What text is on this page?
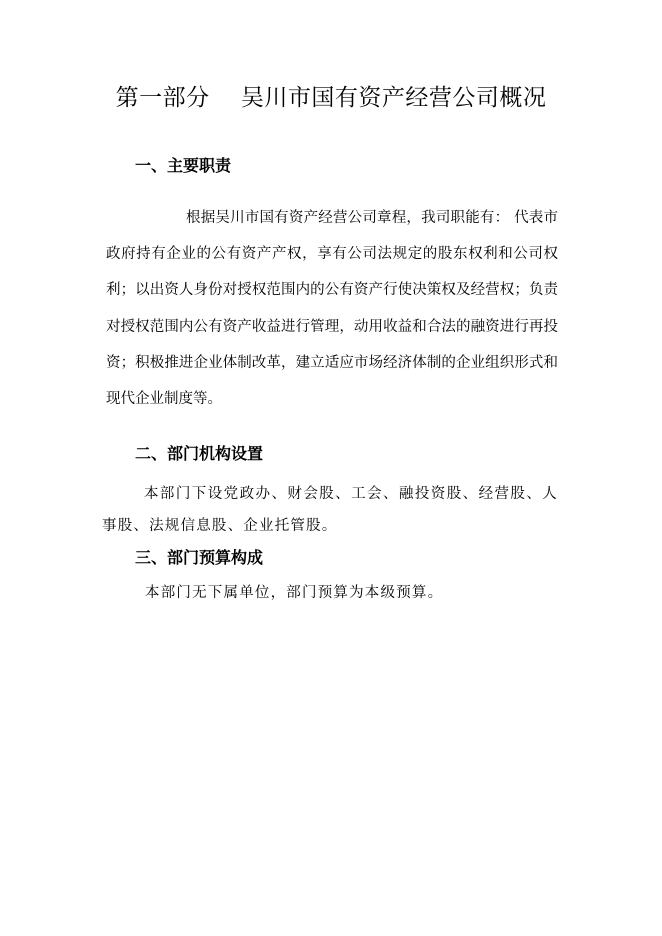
第一部分    吴川市国有资产经营公司概况
一、主要职责
根据吴川市国有资产经营公司章程，我司职能有： 代表市政府持有企业的公有资产产权，享有公司法规定的股东权利和公司权利；以出资人身份对授权范围内的公有资产行使决策权及经营权；负责对授权范围内公有资产收益进行管理，动用收益和合法的融资进行再投资；积极推进企业体制改革，建立适应市场经济体制的企业组织形式和现代企业制度等。
二、部门机构设置
本部门下设党政办、财会股、工会、融投资股、经营股、人事股、法规信息股、企业托管股。
三、部门预算构成
本部门无下属单位，部门预算为本级预算。
